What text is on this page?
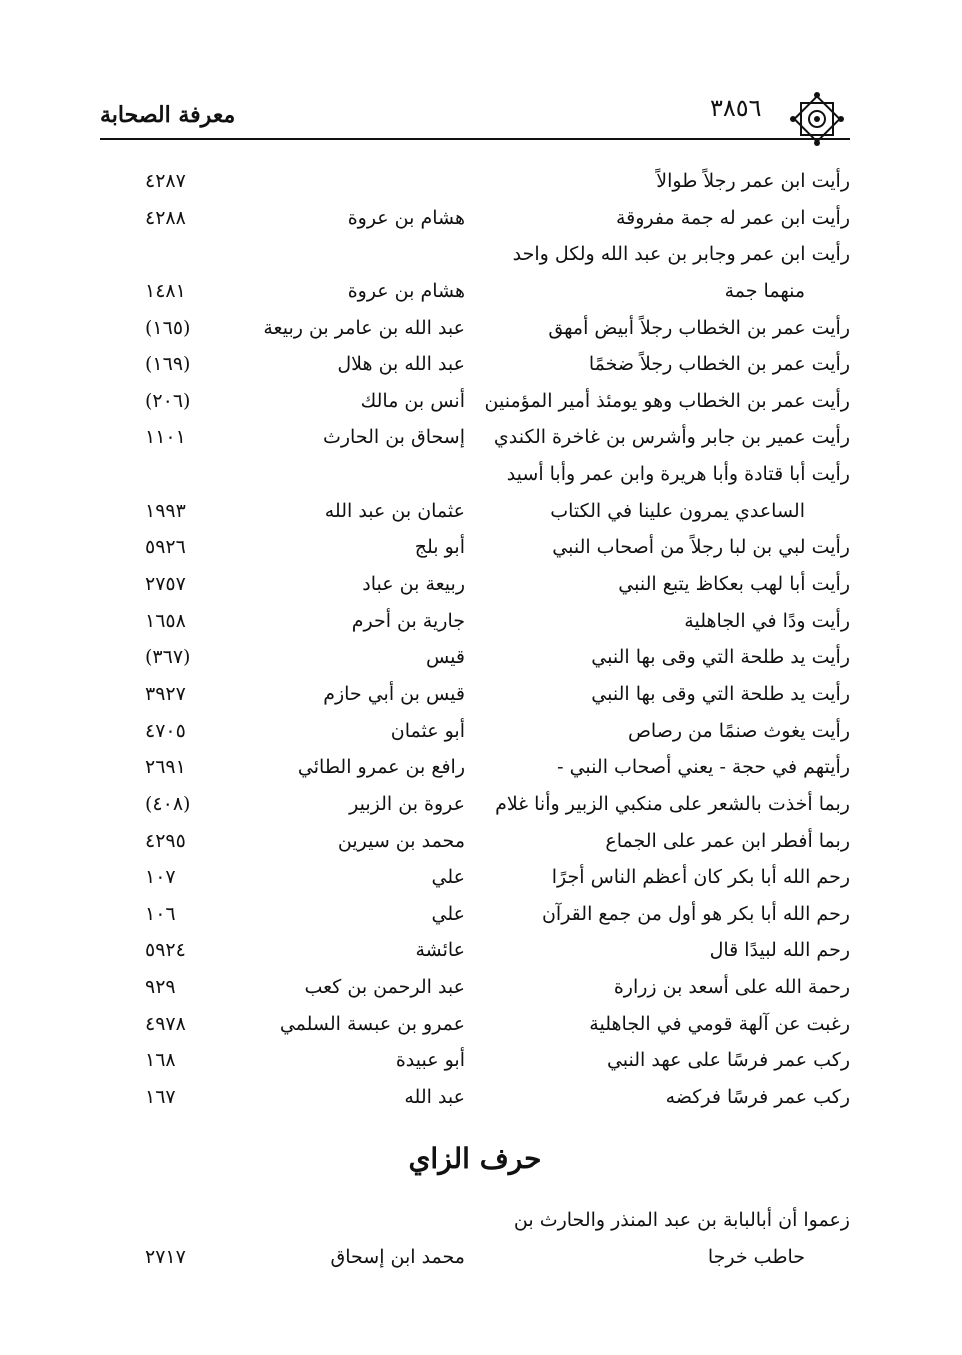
معرفة الصحابة	٣٨٥٦
رأيت ابن عمر رجلاً طوالاً
٤٢٨٧
رأيت ابن عمر له جمة مفروقة
هشام بن عروة
٤٢٨٨
رأيت ابن عمر وجابر بن عبد الله ولكل واحد
منهما جمة
هشام بن عروة
١٤٨١
رأيت عمر بن الخطاب رجلاً أبيض أمهق
عبد الله بن عامر بن ربيعة
(١٦٥)
رأيت عمر بن الخطاب رجلاً ضخمًا
عبد الله بن هلال
(١٦٩)
رأيت عمر بن الخطاب وهو يومئذ أمير المؤمنين
أنس بن مالك
(٢٠٦)
رأيت عمير بن جابر وأشرس بن غاخرة الكندي
إسحاق بن الحارث
١١٠١
رأيت أبا قتادة وأبا هريرة وابن عمر وأبا أسيد
الساعدي يمرون علينا في الكتاب
عثمان بن عبد الله
١٩٩٣
رأيت لبي بن لبا رجلاً من أصحاب النبي
أبو بلج
٥٩٢٦
رأيت أبا لهب بعكاظ يتبع النبي
ربيعة بن عباد
٢٧٥٧
رأيت ودًا في الجاهلية
جارية بن أحرم
١٦٥٨
رأيت يد طلحة التي وقى بها النبي
قيس
(٣٦٧)
رأيت يد طلحة التي وقى بها النبي
قيس بن أبي حازم
٣٩٢٧
رأيت يغوث صنمًا من رصاص
أبو عثمان
٤٧٠٥
رأيتهم في حجة - يعني أصحاب النبي -
رافع بن عمرو الطائي
٢٦٩١
ربما أخذت بالشعر على منكبي الزبير وأنا غلام
عروة بن الزبير
(٤٠٨)
ربما أفطر ابن عمر على الجماع
محمد بن سيرين
٤٢٩٥
رحم الله أبا بكر كان أعظم الناس أجرًا
علي
١٠٧
رحم الله أبا بكر هو أول من جمع القرآن
علي
١٠٦
رحم الله لبيدًا قال
عائشة
٥٩٢٤
رحمة الله على أسعد بن زرارة
عبد الرحمن بن كعب
٩٢٩
رغبت عن آلهة قومي في الجاهلية
عمرو بن عبسة السلمي
٤٩٧٨
ركب عمر فرسًا على عهد النبي
أبو عبيدة
١٦٨
ركب عمر فرسًا فركضه
عبد الله
١٦٧
حرف الزاي
زعموا أن أبالبابة بن عبد المنذر والحارث بن
حاطب خرجا
محمد ابن إسحاق
٢٧١٧
